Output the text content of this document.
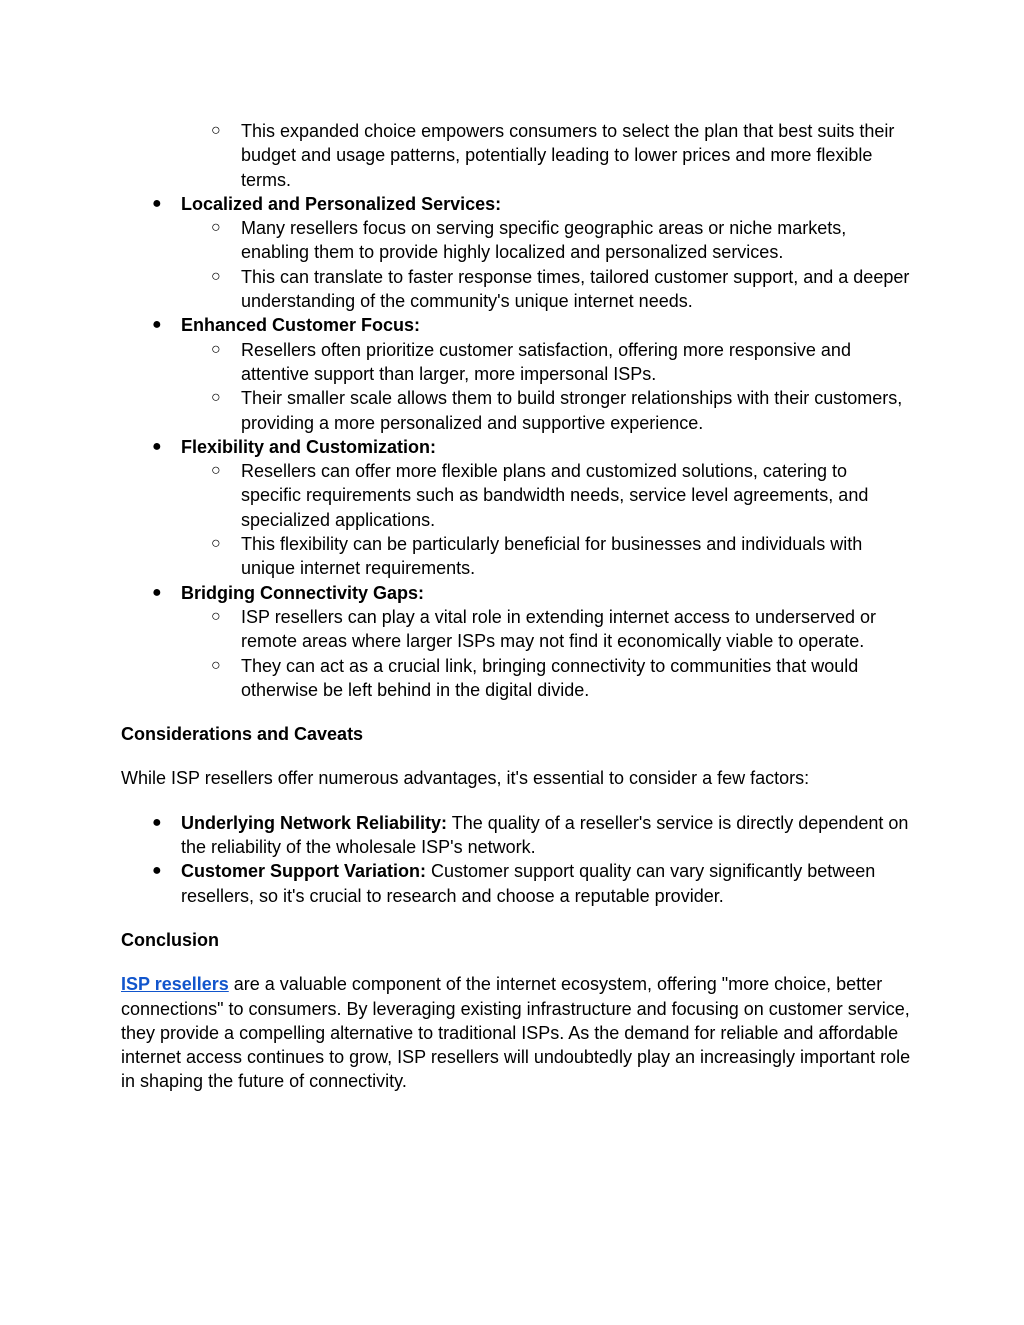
○ This expanded choice empowers consumers to select the plan that best suits their budget and usage patterns, potentially leading to lower prices and more flexible terms.
● Localized and Personalized Services:
○ Many resellers focus on serving specific geographic areas or niche markets, enabling them to provide highly localized and personalized services.
○ This can translate to faster response times, tailored customer support, and a deeper understanding of the community's unique internet needs.
● Enhanced Customer Focus:
○ Resellers often prioritize customer satisfaction, offering more responsive and attentive support than larger, more impersonal ISPs.
○ Their smaller scale allows them to build stronger relationships with their customers, providing a more personalized and supportive experience.
● Flexibility and Customization:
○ Resellers can offer more flexible plans and customized solutions, catering to specific requirements such as bandwidth needs, service level agreements, and specialized applications.
○ This flexibility can be particularly beneficial for businesses and individuals with unique internet requirements.
● Bridging Connectivity Gaps:
○ ISP resellers can play a vital role in extending internet access to underserved or remote areas where larger ISPs may not find it economically viable to operate.
○ They can act as a crucial link, bringing connectivity to communities that would otherwise be left behind in the digital divide.

Considerations and Caveats

While ISP resellers offer numerous advantages, it's essential to consider a few factors:

● Underlying Network Reliability: The quality of a reseller's service is directly dependent on the reliability of the wholesale ISP's network.
● Customer Support Variation: Customer support quality can vary significantly between resellers, so it's crucial to research and choose a reputable provider.

Conclusion

ISP resellers are a valuable component of the internet ecosystem, offering "more choice, better connections" to consumers. By leveraging existing infrastructure and focusing on customer service, they provide a compelling alternative to traditional ISPs. As the demand for reliable and affordable internet access continues to grow, ISP resellers will undoubtedly play an increasingly important role in shaping the future of connectivity.
